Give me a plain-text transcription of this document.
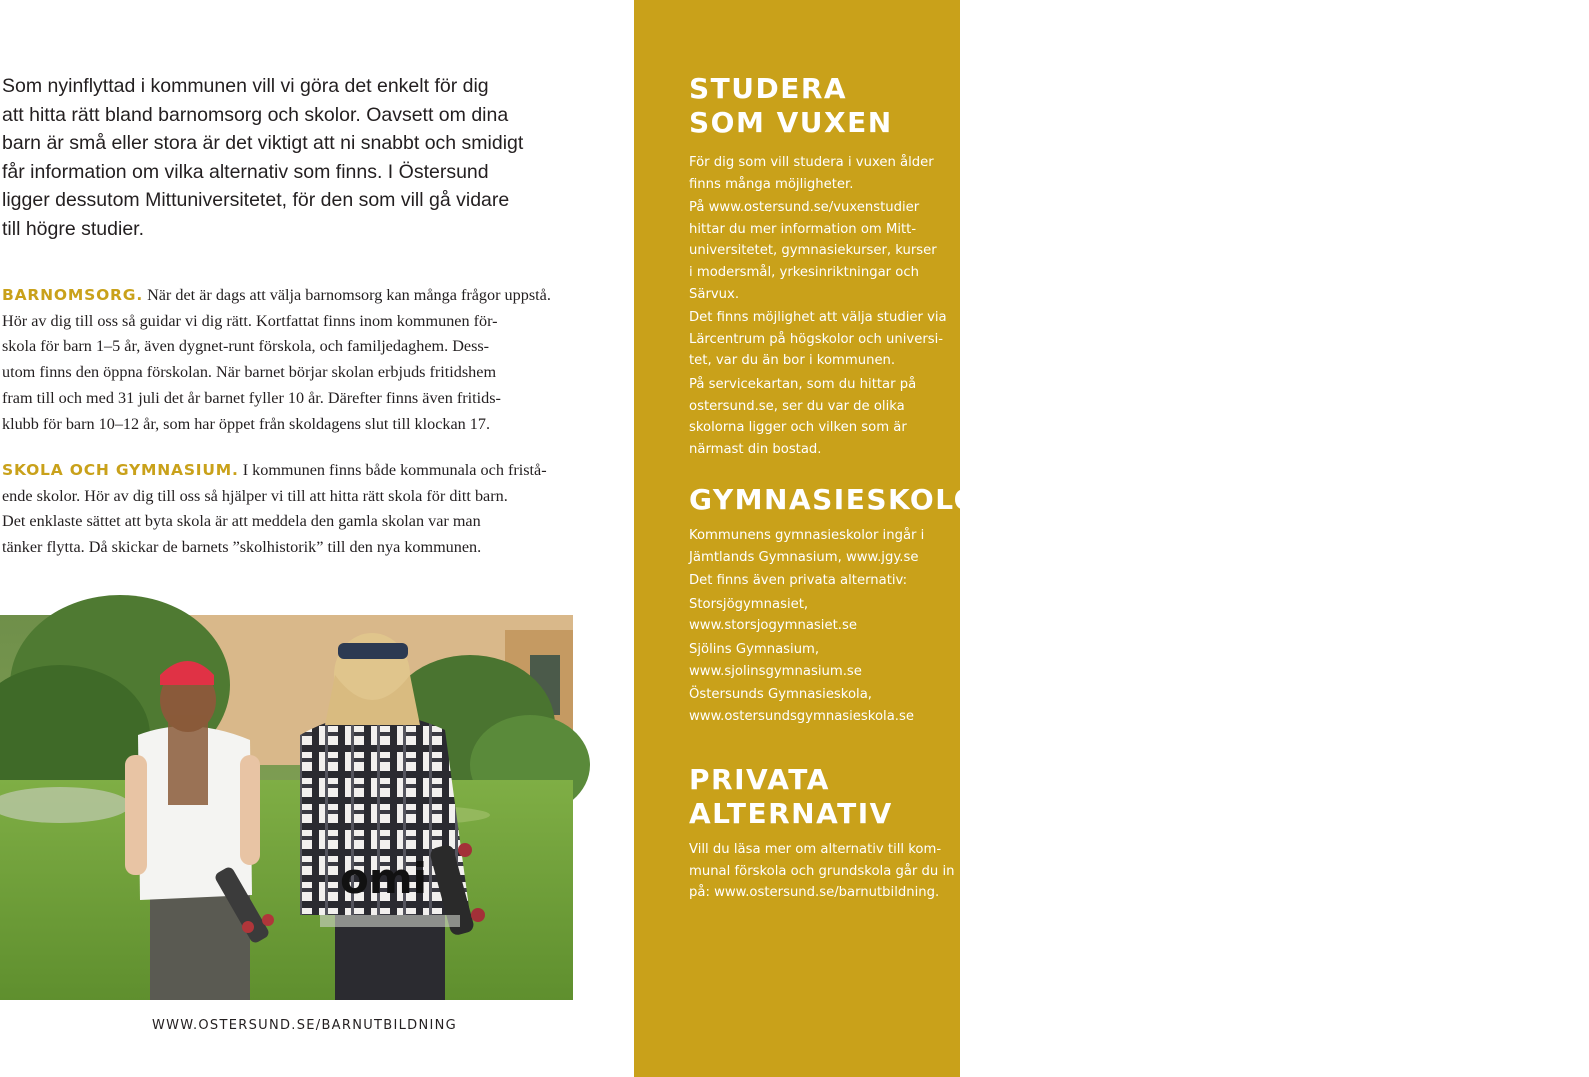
Som nyinflyttad i kommunen vill vi göra det enkelt för dig
att hitta rätt bland barnomsorg och skolor. Oavsett om dina
barn är små eller stora är det viktigt att ni snabbt och smidigt
får information om vilka alternativ som finns. I Östersund
ligger dessutom Mittuniversitetet, för den som vill gå vidare
till högre studier.
BARNOMSORG. När det är dags att välja barnomsorg kan många frågor uppstå.
Hör av dig till oss så guidar vi dig rätt. Kortfattat finns inom kommunen för-
skola för barn 1–5 år, även dygnet-runt förskola, och familjedaghem. Dess-
utom finns den öppna förskolan. När barnet börjar skolan erbjuds fritidshem
fram till och med 31 juli det år barnet fyller 10 år. Därefter finns även fritids-
klubb för barn 10–12 år, som har öppet från skoldagens slut till klockan 17.
SKOLA OCH GYMNASIUM. I kommunen finns både kommunala och fristå-
ende skolor. Hör av dig till oss så hjälper vi till att hitta rätt skola för ditt barn.
Det enklaste sättet att byta skola är att meddela den gamla skolan var man
tänker flytta. Då skickar de barnets ”skolhistorik” till den nya kommunen.
omi
WWW.OSTERSUND.SE/BARNUTBILDNING
STUDERA
SOM VUXEN

För dig som vill studera i vuxen ålder
finns många möjligheter.

På www.ostersund.se/vuxenstudier
hittar du mer information om Mitt-
universitetet, gymnasiekurser, kurser
i modersmål, yrkesinriktningar och
Särvux.

Det finns möjlighet att välja studier via
Lärcentrum på högskolor och universi-
tet, var du än bor i kommunen.

På servicekartan, som du hittar på
ostersund.se, ser du var de olika
skolorna ligger och vilken som är
närmast din bostad.

GYMNASIESKOLOR

Kommunens gymnasieskolor ingår i
Jämtlands Gymnasium, www.jgy.se

Det finns även privata alternativ:

Storsjögymnasiet,
www.storsjogymnasiet.se

Sjölins Gymnasium,
www.sjolinsgymnasium.se

Östersunds Gymnasieskola,
www.ostersundsgymnasieskola.se

PRIVATA
ALTERNATIV

Vill du läsa mer om alternativ till kom-
munal förskola och grundskola går du in
på: www.ostersund.se/barnutbildning.

9
